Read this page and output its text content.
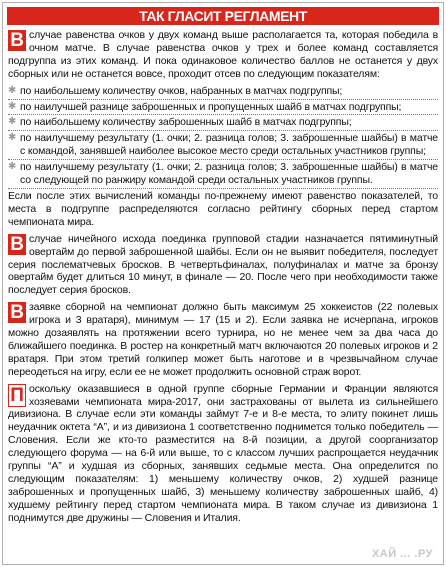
ТАК ГЛАСИТ РЕГЛАМЕНТ

В случае равенства очков у двух команд выше располагается та, которая победила в очном матче. В случае равенства очков у трех и более команд составляется подгруппа из этих команд. И пока одинаковое количество баллов не останется у двух сборных или не останется вовсе, проходит отсев по следующим показателям:

✱ по наибольшему количеству очков, набранных в матчах подгруппы;
✱ по наилучшей разнице заброшенных и пропущенных шайб в матчах подгруппы;
✱ по наибольшему количеству заброшенных шайб в матчах подгруппы;
✱ по наилучшему результату (1. очки; 2. разница голов; 3. заброшенные шайбы) в матче с командой, занявшей наиболее высокое место среди остальных участников группы;
✱ по наилучшему результату (1. очки; 2. разница голов; 3. заброшенные шайбы) в матче со следующей по ранжиру командой среди остальных участников группы.

Если после этих вычислений команды по-прежнему имеют равенство показателей, то места в подгруппе распределяются согласно рейтингу сборных перед стартом чемпионата мира.

В случае ничейного исхода поединка групповой стадии назначается пятиминутный овертайм до первой заброшенной шайбы. Если он не выявит победителя, последует серия послематчевых бросков. В четвертьфиналах, полуфиналах и матче за бронзу овертайм будет длиться 10 минут, в финале — 20. После чего при необходимости также последует серия бросков.

В заявке сборной на чемпионат должно быть максимум 25 хоккеистов (22 полевых игрока и 3 вратаря), минимум — 17 (15 и 2). Если заявка не исчерпана, игроков можно дозаявлять на протяжении всего турнира, но не менее чем за два часа до ближайшего поединка. В ростер на конкретный матч включаются 20 полевых игроков и 2 вратаря. При этом третий голкипер может быть наготове и в чрезвычайном случае переодеться на игру, если ее не может продолжить основной страж ворот.

П оскольку оказавшиеся в одной группе сборные Германии и Франции являются хозяевами чемпионата мира-2017, они застрахованы от вылета из сильнейшего дивизиона. В случае если эти команды займут 7-е и 8-е места, то элиту покинет лишь неудачник октета “А”, и из дивизиона 1 соответственно поднимется только победитель — Словения. Если же кто-то разместится на 8-й позиции, а другой соорганизатор следующего форума — на 6-й или выше, то с классом лучших распрощается неудачник группы “А” и худшая из сборных, занявших седьмые места. Она определится по следующим показателям: 1) меньшему количеству очков, 2) худшей разнице заброшенных и пропущенных шайб, 3) меньшему количеству заброшенных шайб, 4) худшему рейтингу перед стартом чемпионата мира. В таком случае из дивизиона 1 поднимутся две дружины — Словения и Италия.

ХАЙ ... .РУ
